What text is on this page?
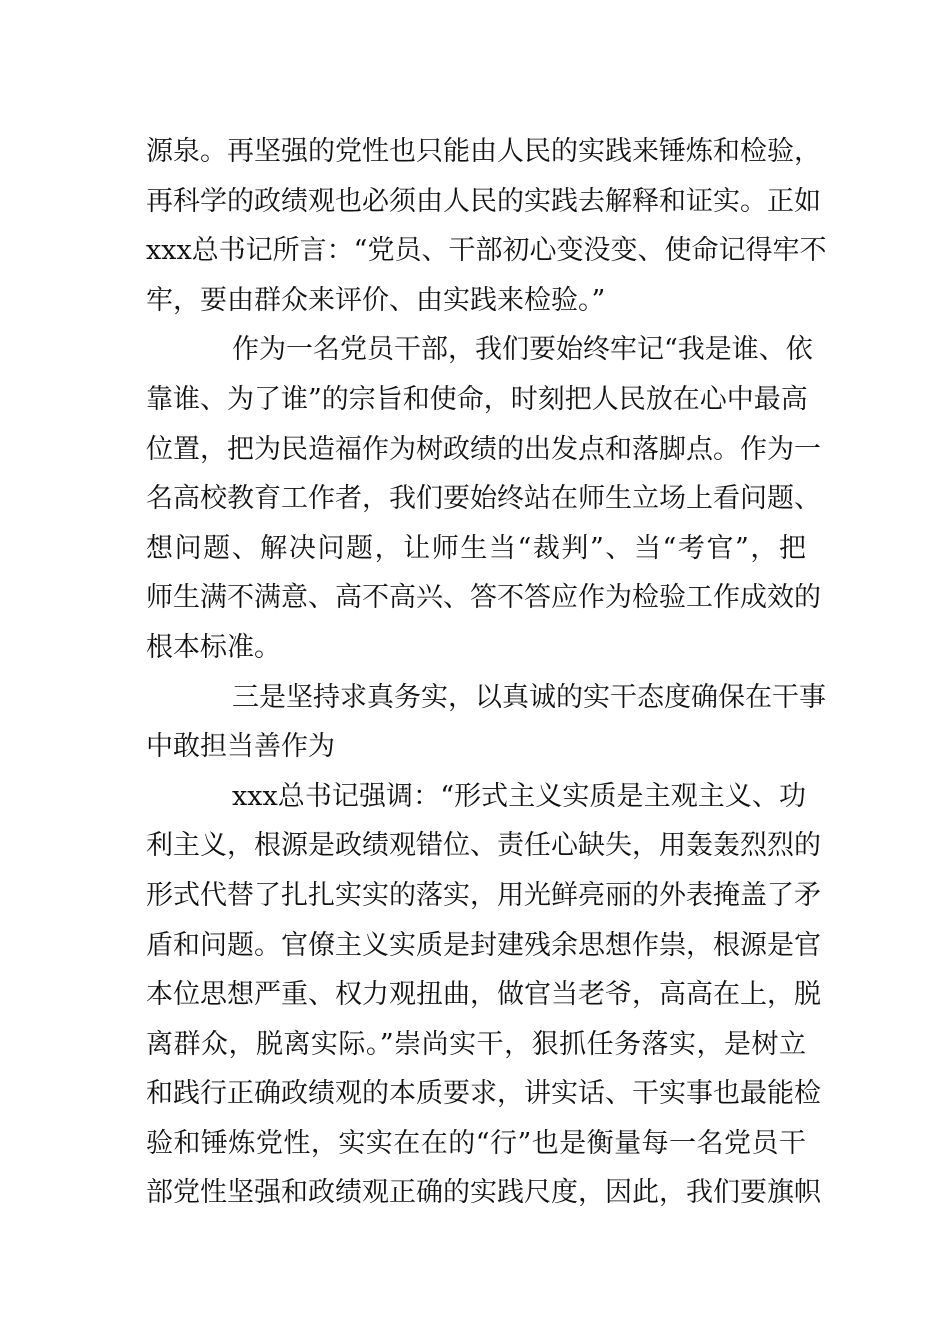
源泉。再坚强的党性也只能由人民的实践来锤炼和检验，
再科学的政绩观也必须由人民的实践去解释和证实。正如
xxx总书记所言：“党员、干部初心变没变、使命记得牢不
牢，要由群众来评价、由实践来检验。”
作为一名党员干部，我们要始终牢记“我是谁、依
靠谁、为了谁”的宗旨和使命，时刻把人民放在心中最高
位置，把为民造福作为树政绩的出发点和落脚点。作为一
名高校教育工作者，我们要始终站在师生立场上看问题、
想问题、解决问题，让师生当“裁判”、当“考官”，把
师生满不满意、高不高兴、答不答应作为检验工作成效的
根本标准。
三是坚持求真务实，以真诚的实干态度确保在干事
中敢担当善作为
xxx总书记强调：“形式主义实质是主观主义、功
利主义，根源是政绩观错位、责任心缺失，用轰轰烈烈的
形式代替了扎扎实实的落实，用光鲜亮丽的外表掩盖了矛
盾和问题。官僚主义实质是封建残余思想作祟，根源是官
本位思想严重、权力观扭曲，做官当老爷，高高在上，脱
离群众，脱离实际。”崇尚实干，狠抓任务落实，是树立
和践行正确政绩观的本质要求，讲实话、干实事也最能检
验和锤炼党性，实实在在的“行”也是衡量每一名党员干
部党性坚强和政绩观正确的实践尺度，因此，我们要旗帜
